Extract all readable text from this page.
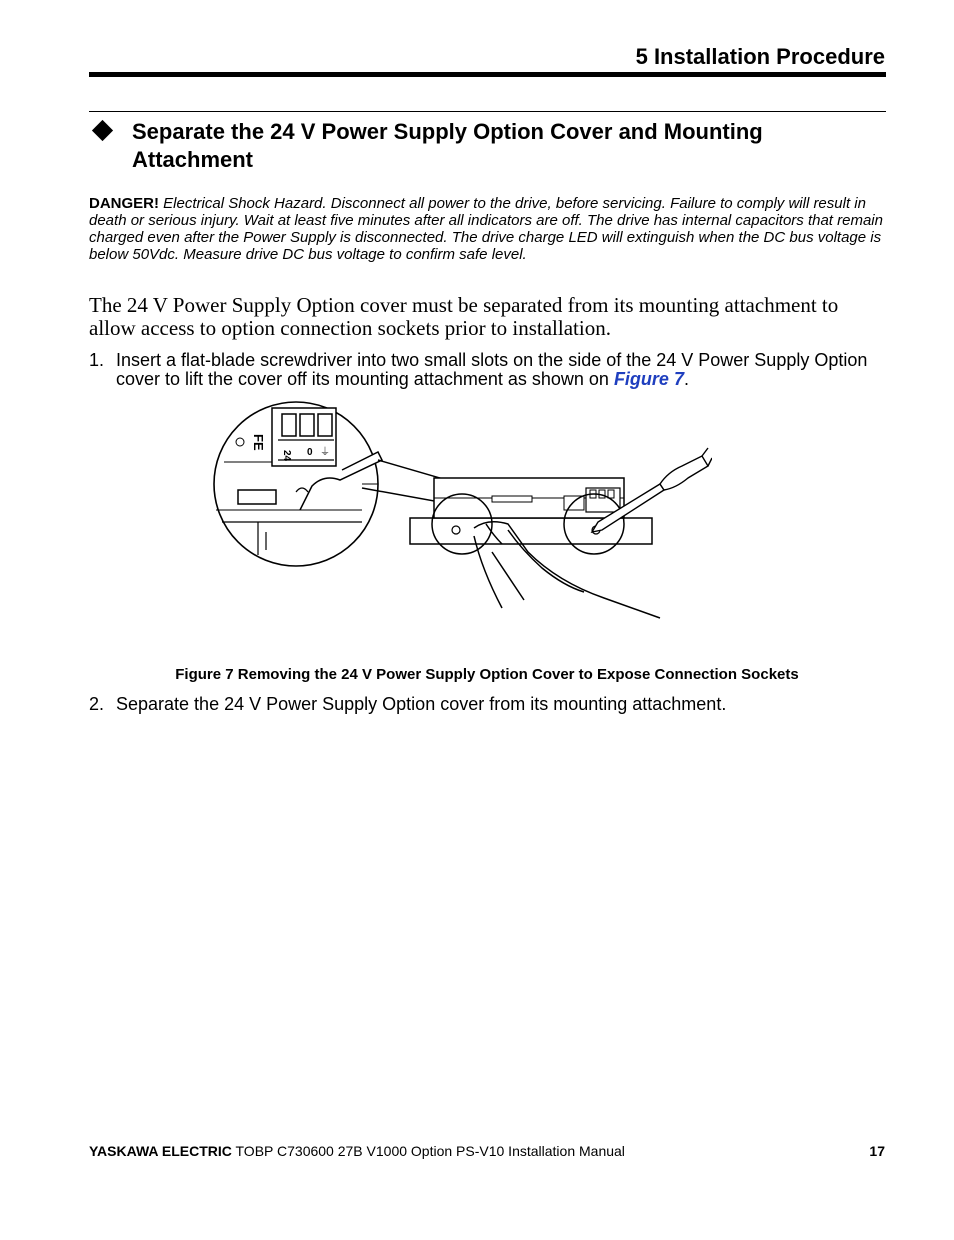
5 Installation Procedure
Separate the 24 V Power Supply Option Cover and Mounting Attachment
DANGER! Electrical Shock Hazard. Disconnect all power to the drive, before servicing. Failure to comply will result in death or serious injury. Wait at least five minutes after all indicators are off. The drive has internal capacitors that remain charged even after the Power Supply is disconnected. The drive charge LED will extinguish when the DC bus voltage is below 50Vdc. Measure drive DC bus voltage to confirm safe level.
The 24 V Power Supply Option cover must be separated from its mounting attachment to allow access to option connection sockets prior to installation.
1. Insert a flat-blade screwdriver into two small slots on the side of the 24 V Power Supply Option cover to lift the cover off its mounting attachment as shown on Figure 7.
24 0 ⏚
FE
Figure 7 Removing the 24 V Power Supply Option Cover to Expose Connection Sockets
2. Separate the 24 V Power Supply Option cover from its mounting attachment.
YASKAWA ELECTRIC TOBP C730600 27B V1000 Option PS-V10 Installation Manual	17
